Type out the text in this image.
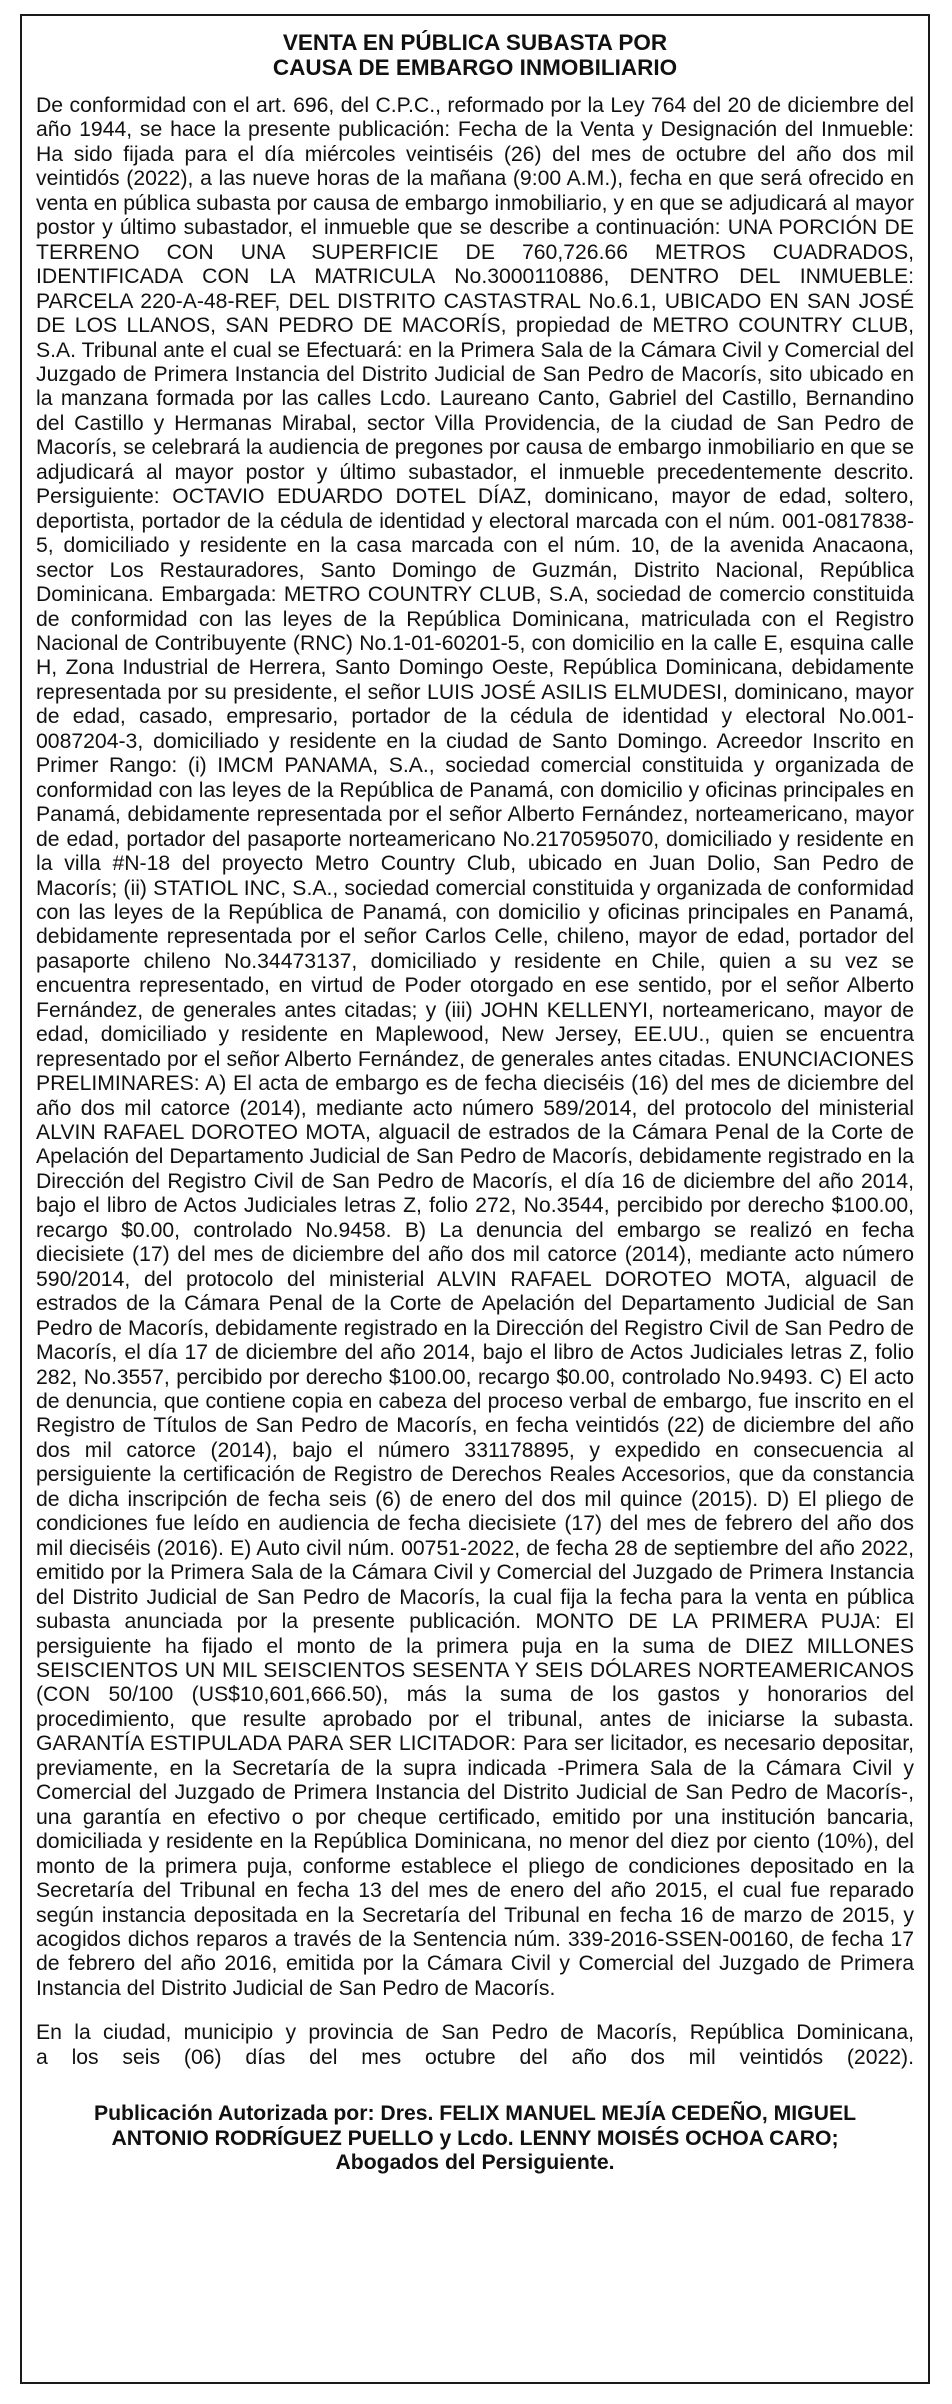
VENTA EN PÚBLICA SUBASTA POR
CAUSA DE EMBARGO INMOBILIARIO

De conformidad con el art. 696, del C.P.C., reformado por la Ley 764 del 20 de diciembre del año 1944, se hace la presente publicación: Fecha de la Venta y Designación del Inmueble: Ha sido fijada para el día miércoles veintiséis (26) del mes de octubre del año dos mil veintidós (2022), a las nueve horas de la mañana (9:00 A.M.), fecha en que será ofrecido en venta en pública subasta por causa de embargo inmobiliario, y en que se adjudicará al mayor postor y último subastador, el inmueble que se describe a continuación: UNA PORCIÓN DE TERRENO CON UNA SUPERFICIE DE 760,726.66 METROS CUADRADOS, IDENTIFICADA CON LA MATRICULA No.3000110886, DENTRO DEL INMUEBLE: PARCELA 220-A-48-REF, DEL DISTRITO CASTASTRAL No.6.1, UBICADO EN SAN JOSÉ DE LOS LLANOS, SAN PEDRO DE MACORÍS, propiedad de METRO COUNTRY CLUB, S.A. Tribunal ante el cual se Efectuará: en la Primera Sala de la Cámara Civil y Comercial del Juzgado de Primera Instancia del Distrito Judicial de San Pedro de Macorís, sito ubicado en la manzana formada por las calles Lcdo. Laureano Canto, Gabriel del Castillo, Bernandino del Castillo y Hermanas Mirabal, sector Villa Providencia, de la ciudad de San Pedro de Macorís, se celebrará la audiencia de pregones por causa de embargo inmobiliario en que se adjudicará al mayor postor y último subastador, el inmueble precedentemente descrito. Persiguiente: OCTAVIO EDUARDO DOTEL DÍAZ, dominicano, mayor de edad, soltero, deportista, portador de la cédula de identidad y electoral marcada con el núm. 001-0817838-5, domiciliado y residente en la casa marcada con el núm. 10, de la avenida Anacaona, sector Los Restauradores, Santo Domingo de Guzmán, Distrito Nacional, República Dominicana. Embargada: METRO COUNTRY CLUB, S.A, sociedad de comercio constituida de conformidad con las leyes de la República Dominicana, matriculada con el Registro Nacional de Contribuyente (RNC) No.1-01-60201-5, con domicilio en la calle E, esquina calle H, Zona Industrial de Herrera, Santo Domingo Oeste, República Dominicana, debidamente representada por su presidente, el señor LUIS JOSÉ ASILIS ELMUDESI, dominicano, mayor de edad, casado, empresario, portador de la cédula de identidad y electoral No.001-0087204-3, domiciliado y residente en la ciudad de Santo Domingo. Acreedor Inscrito en Primer Rango: (i) IMCM PANAMA, S.A., sociedad comercial constituida y organizada de conformidad con las leyes de la República de Panamá, con domicilio y oficinas principales en Panamá, debidamente representada por el señor Alberto Fernández, norteamericano, mayor de edad, portador del pasaporte norteamericano No.2170595070, domiciliado y residente en la villa #N-18 del proyecto Metro Country Club, ubicado en Juan Dolio, San Pedro de Macorís; (ii) STATIOL INC, S.A., sociedad comercial constituida y organizada de conformidad con las leyes de la República de Panamá, con domicilio y oficinas principales en Panamá, debidamente representada por el señor Carlos Celle, chileno, mayor de edad, portador del pasaporte chileno No.34473137, domiciliado y residente en Chile, quien a su vez se encuentra representado, en virtud de Poder otorgado en ese sentido, por el señor Alberto Fernández, de generales antes citadas; y (iii) JOHN KELLENYI, norteamericano, mayor de edad, domiciliado y residente en Maplewood, New Jersey, EE.UU., quien se encuentra representado por el señor Alberto Fernández, de generales antes citadas. ENUNCIACIONES PRELIMINARES: A) El acta de embargo es de fecha dieciséis (16) del mes de diciembre del año dos mil catorce (2014), mediante acto número 589/2014, del protocolo del ministerial ALVIN RAFAEL DOROTEO MOTA, alguacil de estrados de la Cámara Penal de la Corte de Apelación del Departamento Judicial de San Pedro de Macorís, debidamente registrado en la Dirección del Registro Civil de San Pedro de Macorís, el día 16 de diciembre del año 2014, bajo el libro de Actos Judiciales letras Z, folio 272, No.3544, percibido por derecho $100.00, recargo $0.00, controlado No.9458. B) La denuncia del embargo se realizó en fecha diecisiete (17) del mes de diciembre del año dos mil catorce (2014), mediante acto número 590/2014, del protocolo del ministerial ALVIN RAFAEL DOROTEO MOTA, alguacil de estrados de la Cámara Penal de la Corte de Apelación del Departamento Judicial de San Pedro de Macorís, debidamente registrado en la Dirección del Registro Civil de San Pedro de Macorís, el día 17 de diciembre del año 2014, bajo el libro de Actos Judiciales letras Z, folio 282, No.3557, percibido por derecho $100.00, recargo $0.00, controlado No.9493. C) El acto de denuncia, que contiene copia en cabeza del proceso verbal de embargo, fue inscrito en el Registro de Títulos de San Pedro de Macorís, en fecha veintidós (22) de diciembre del año dos mil catorce (2014), bajo el número 331178895, y expedido en consecuencia al persiguiente la certificación de Registro de Derechos Reales Accesorios, que da constancia de dicha inscripción de fecha seis (6) de enero del dos mil quince (2015). D) El pliego de condiciones fue leído en audiencia de fecha diecisiete (17) del mes de febrero del año dos mil dieciséis (2016). E) Auto civil núm. 00751-2022, de fecha 28 de septiembre del año 2022, emitido por la Primera Sala de la Cámara Civil y Comercial del Juzgado de Primera Instancia del Distrito Judicial de San Pedro de Macorís, la cual fija la fecha para la venta en pública subasta anunciada por la presente publicación. MONTO DE LA PRIMERA PUJA: El persiguiente ha fijado el monto de la primera puja en la suma de DIEZ MILLONES SEISCIENTOS UN MIL SEISCIENTOS SESENTA Y SEIS DÓLARES NORTEAMERICANOS (CON 50/100 (US$10,601,666.50), más la suma de los gastos y honorarios del procedimiento, que resulte aprobado por el tribunal, antes de iniciarse la subasta. GARANTÍA ESTIPULADA PARA SER LICITADOR: Para ser licitador, es necesario depositar, previamente, en la Secretaría de la supra indicada -Primera Sala de la Cámara Civil y Comercial del Juzgado de Primera Instancia del Distrito Judicial de San Pedro de Macorís-, una garantía en efectivo o por cheque certificado, emitido por una institución bancaria, domiciliada y residente en la República Dominicana, no menor del diez por ciento (10%), del monto de la primera puja, conforme establece el pliego de condiciones depositado en la Secretaría del Tribunal en fecha 13 del mes de enero del año 2015, el cual fue reparado según instancia depositada en la Secretaría del Tribunal en fecha 16 de marzo de 2015, y acogidos dichos reparos a través de la Sentencia núm. 339-2016-SSEN-00160, de fecha 17 de febrero del año 2016, emitida por la Cámara Civil y Comercial del Juzgado de Primera Instancia del Distrito Judicial de San Pedro de Macorís.

En la ciudad, municipio y provincia de San Pedro de Macorís, República Dominicana,
a los seis (06) días del mes octubre del año dos mil veintidós (2022).
Publicación Autorizada por: Dres. FELIX MANUEL MEJÍA CEDEÑO, MIGUEL
ANTONIO RODRÍGUEZ PUELLO y Lcdo. LENNY MOISÉS OCHOA CARO;
Abogados del Persiguiente.
